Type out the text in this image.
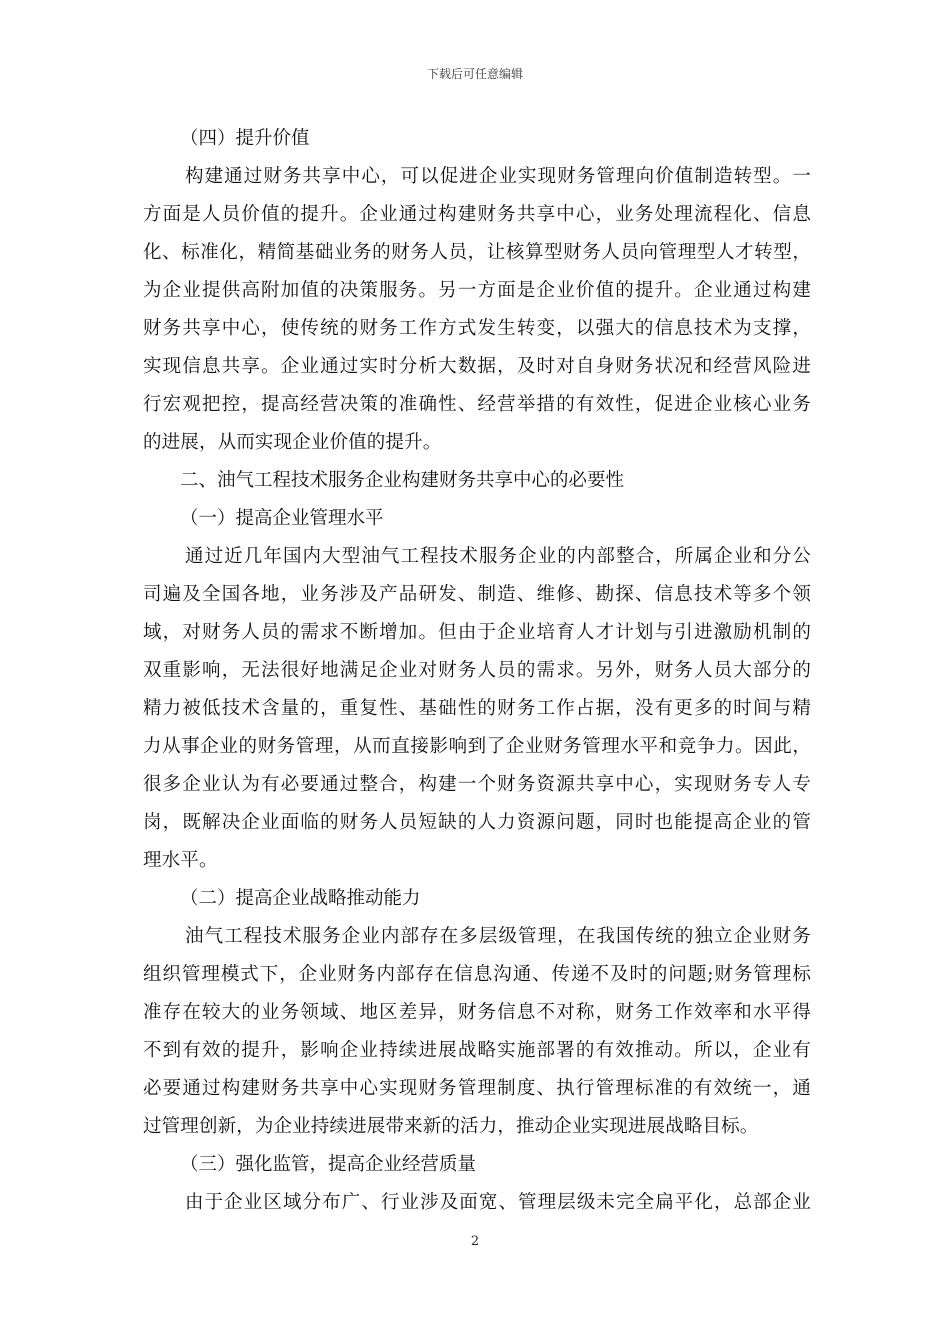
下载后可任意编辑
（四）提升价值
构建通过财务共享中心，可以促进企业实现财务管理向价值制造转型。一
方面是人员价值的提升。企业通过构建财务共享中心，业务处理流程化、信息
化、标准化，精简基础业务的财务人员，让核算型财务人员向管理型人才转型，
为企业提供高附加值的决策服务。另一方面是企业价值的提升。企业通过构建
财务共享中心，使传统的财务工作方式发生转变，以强大的信息技术为支撑，
实现信息共享。企业通过实时分析大数据，及时对自身财务状况和经营风险进
行宏观把控，提高经营决策的准确性、经营举措的有效性，促进企业核心业务
的进展，从而实现企业价值的提升。
二、油气工程技术服务企业构建财务共享中心的必要性
（一）提高企业管理水平
通过近几年国内大型油气工程技术服务企业的内部整合，所属企业和分公
司遍及全国各地，业务涉及产品研发、制造、维修、勘探、信息技术等多个领
域，对财务人员的需求不断增加。但由于企业培育人才计划与引进激励机制的
双重影响，无法很好地满足企业对财务人员的需求。另外，财务人员大部分的
精力被低技术含量的，重复性、基础性的财务工作占据，没有更多的时间与精
力从事企业的财务管理，从而直接影响到了企业财务管理水平和竞争力。因此，
很多企业认为有必要通过整合，构建一个财务资源共享中心，实现财务专人专
岗，既解决企业面临的财务人员短缺的人力资源问题，同时也能提高企业的管
理水平。
（二）提高企业战略推动能力
油气工程技术服务企业内部存在多层级管理，在我国传统的独立企业财务
组织管理模式下，企业财务内部存在信息沟通、传递不及时的问题;财务管理标
准存在较大的业务领域、地区差异，财务信息不对称，财务工作效率和水平得
不到有效的提升，影响企业持续进展战略实施部署的有效推动。所以，企业有
必要通过构建财务共享中心实现财务管理制度、执行管理标准的有效统一，通
过管理创新，为企业持续进展带来新的活力，推动企业实现进展战略目标。
（三）强化监管，提高企业经营质量
由于企业区域分布广、行业涉及面宽、管理层级未完全扁平化，总部企业
2
